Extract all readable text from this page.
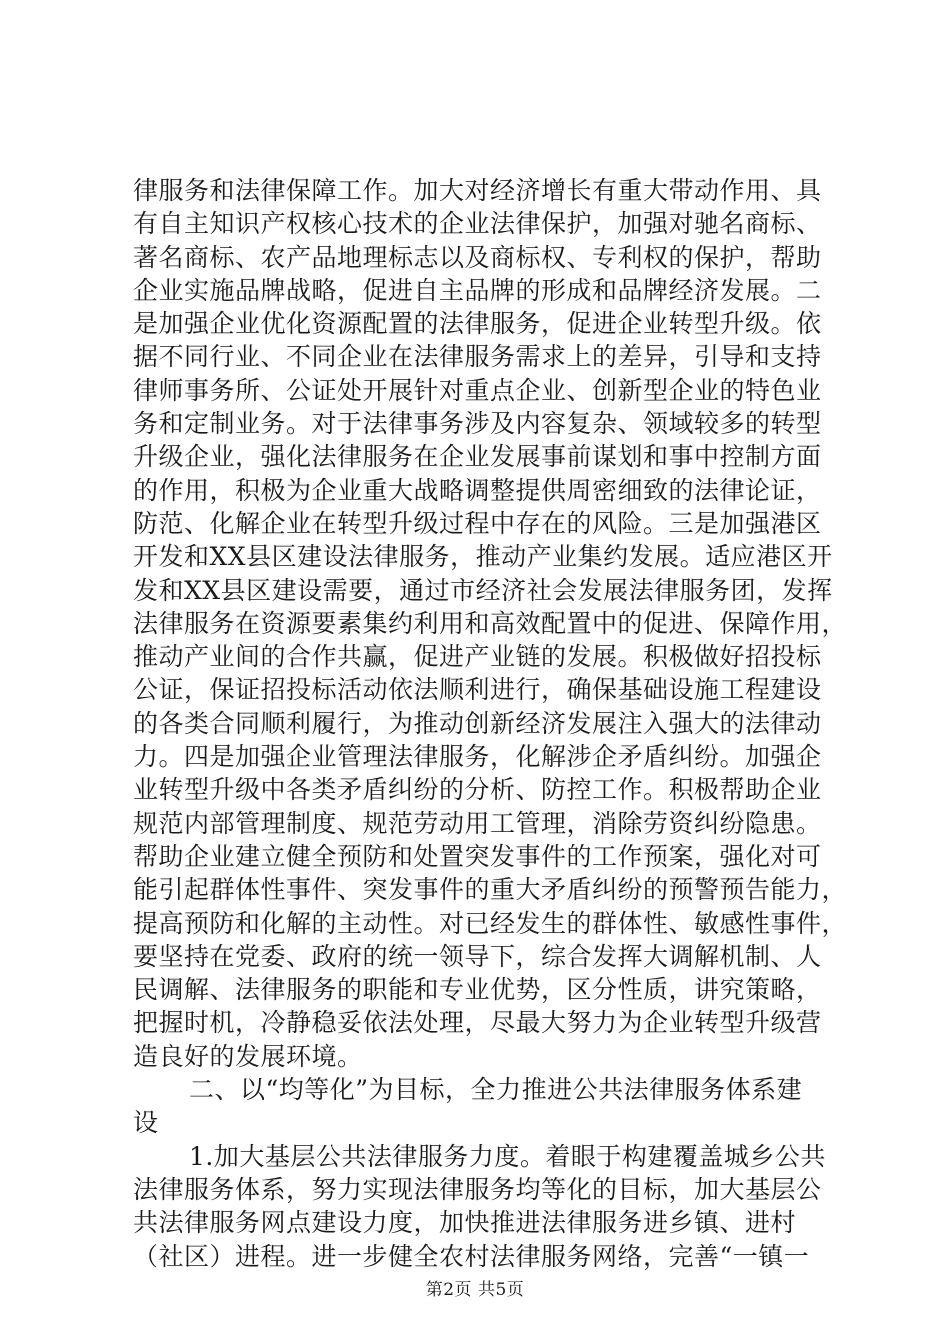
律服务和法律保障工作。加大对经济增长有重大带动作用、具
有自主知识产权核心技术的企业法律保护，加强对驰名商标、
著名商标、农产品地理标志以及商标权、专利权的保护，帮助
企业实施品牌战略，促进自主品牌的形成和品牌经济发展。二
是加强企业优化资源配置的法律服务，促进企业转型升级。依
据不同行业、不同企业在法律服务需求上的差异，引导和支持
律师事务所、公证处开展针对重点企业、创新型企业的特色业
务和定制业务。对于法律事务涉及内容复杂、领域较多的转型
升级企业，强化法律服务在企业发展事前谋划和事中控制方面
的作用，积极为企业重大战略调整提供周密细致的法律论证，
防范、化解企业在转型升级过程中存在的风险。三是加强港区
开发和XX县区建设法律服务，推动产业集约发展。适应港区开
发和XX县区建设需要，通过市经济社会发展法律服务团，发挥
法律服务在资源要素集约利用和高效配置中的促进、保障作用，
推动产业间的合作共赢，促进产业链的发展。积极做好招投标
公证，保证招投标活动依法顺利进行，确保基础设施工程建设
的各类合同顺利履行，为推动创新经济发展注入强大的法律动
力。四是加强企业管理法律服务，化解涉企矛盾纠纷。加强企
业转型升级中各类矛盾纠纷的分析、防控工作。积极帮助企业
规范内部管理制度、规范劳动用工管理，消除劳资纠纷隐患。
帮助企业建立健全预防和处置突发事件的工作预案，强化对可
能引起群体性事件、突发事件的重大矛盾纠纷的预警预告能力，
提高预防和化解的主动性。对已经发生的群体性、敏感性事件，
要坚持在党委、政府的统一领导下，综合发挥大调解机制、人
民调解、法律服务的职能和专业优势，区分性质，讲究策略，
把握时机，冷静稳妥依法处理，尽最大努力为企业转型升级营
造良好的发展环境。
二、以“均等化”为目标，全力推进公共法律服务体系建
设
1.加大基层公共法律服务力度。着眼于构建覆盖城乡公共
法律服务体系，努力实现法律服务均等化的目标，加大基层公
共法律服务网点建设力度，加快推进法律服务进乡镇、进村
（社区）进程。进一步健全农村法律服务网络，完善“一镇一
第2页 共5页
